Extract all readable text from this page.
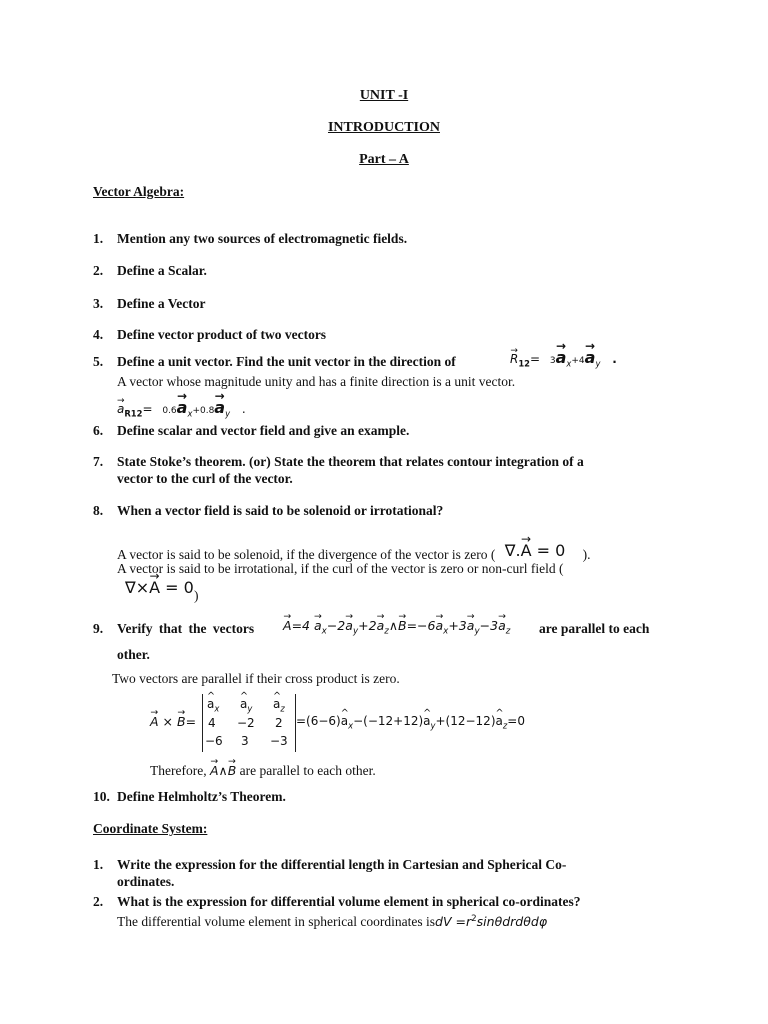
UNIT -I
INTRODUCTION
Part – A
Vector Algebra:
1. Mention any two sources of electromagnetic fields.
2. Define a Scalar.
3. Define a Vector
4. Define vector product of two vectors
5. Define a unit vector. Find the unit vector in the direction of	→ $R_{12}= 3\to a_x+4\to a_y$ .
A vector whose magnitude unity and has a finite direction is a unit vector.
→ $a_{R12}= 0.6\to a_x+0.8\to a_y$ .
6. Define scalar and vector field and give an example.
7. State Stoke’s theorem. (or) State the theorem that relates contour integration of a
vector to the curl of the vector.
8. When a vector field is said to be solenoid or irrotational?
A vector is said to be solenoid, if the divergence of the vector is zero ( ∇.→ A = 0 ).
A vector is said to be irrotational, if the curl of the vector is zero or non-curl field (
∇×→ A = 0 )
9. Verify that the vectors → $A=4 \to a_x-2\to a_y+2\to$ $a_z\wedge\to B=-6\to a_x+3\to a_y-3\to a_z$ are parallel to each
other.
Two vectors are parallel if their cross product is zero.
→ A × → B=
^ $a_x$ ^ $a_y$ ^ $a_z$
4 −2 2
−6 3 −3
=(6−6)^ $a_x-(-12+12)\^{}$ $a_y+(12-12)\^{}$ $a_z=0$
Therefore, → A∧→ B are parallel to each other.
10. Define Helmholtz’s Theorem.
Coordinate System:
1. Write the expression for the differential length in Cartesian and Spherical Co-
ordinates.
2. What is the expression for differential volume element in spherical co-ordinates?
The differential volume element in spherical coordinates isdV $=r^2\sin\theta drd\theta d\varphi$
